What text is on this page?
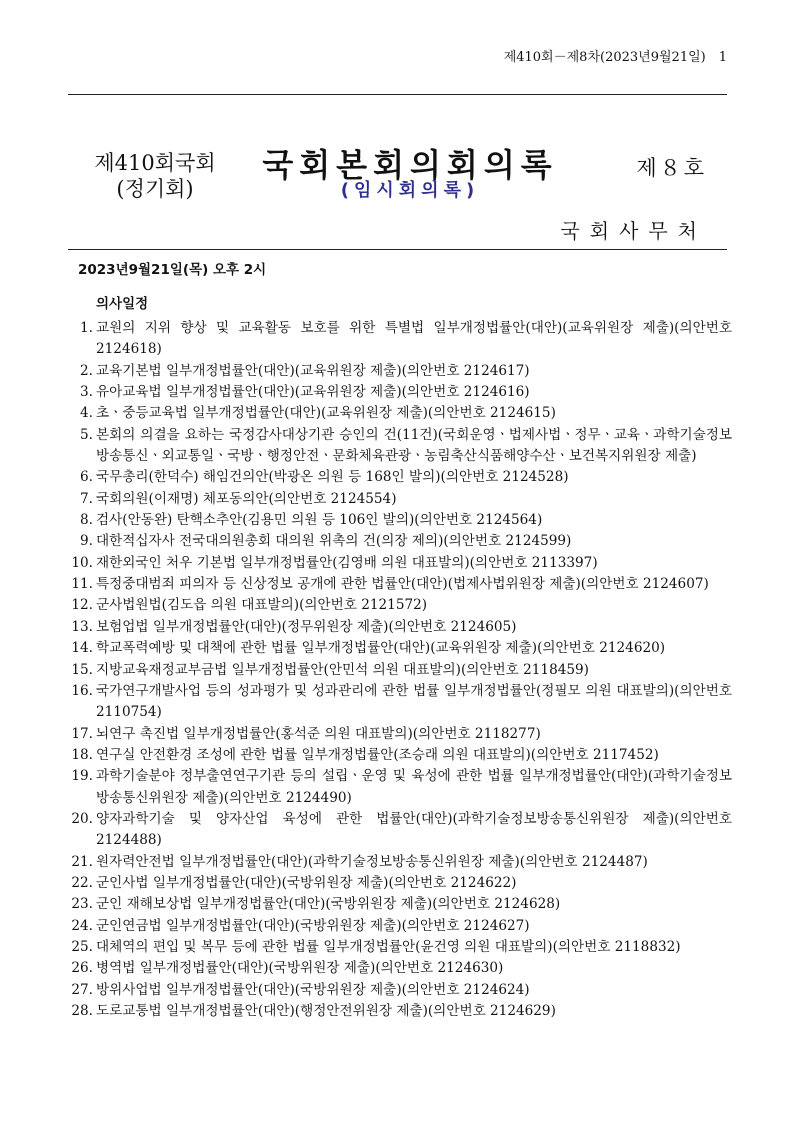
제410회－제8차(2023년9월21일)　1
제410회국회
(정기회)
국회본회의회의록
(임시회의록)
제８호
국회사무처
2023년9월21일(목) 오후 2시
의사일정
1. 교원의 지위 향상 및 교육활동 보호를 위한 특별법 일부개정법률안(대안)(교육위원장 제출)(의안번호 2124618)
2. 교육기본법 일부개정법률안(대안)(교육위원장 제출)(의안번호 2124617)
3. 유아교육법 일부개정법률안(대안)(교육위원장 제출)(의안번호 2124616)
4. 초ㆍ중등교육법 일부개정법률안(대안)(교육위원장 제출)(의안번호 2124615)
5. 본회의 의결을 요하는 국정감사대상기관 승인의 건(11건)(국회운영ㆍ법제사법ㆍ정무ㆍ교육ㆍ과학기술정보방송통신ㆍ외교통일ㆍ국방ㆍ행정안전ㆍ문화체육관광ㆍ농림축산식품해양수산ㆍ보건복지위원장 제출)
6. 국무총리(한덕수) 해임건의안(박광온 의원 등 168인 발의)(의안번호 2124528)
7. 국회의원(이재명) 체포동의안(의안번호 2124554)
8. 검사(안동완) 탄핵소추안(김용민 의원 등 106인 발의)(의안번호 2124564)
9. 대한적십자사 전국대의원총회 대의원 위촉의 건(의장 제의)(의안번호 2124599)
10. 재한외국인 처우 기본법 일부개정법률안(김영배 의원 대표발의)(의안번호 2113397)
11. 특정중대범죄 피의자 등 신상정보 공개에 관한 법률안(대안)(법제사법위원장 제출)(의안번호 2124607)
12. 군사법원법(김도읍 의원 대표발의)(의안번호 2121572)
13. 보험업법 일부개정법률안(대안)(정무위원장 제출)(의안번호 2124605)
14. 학교폭력예방 및 대책에 관한 법률 일부개정법률안(대안)(교육위원장 제출)(의안번호 2124620)
15. 지방교육재정교부금법 일부개정법률안(안민석 의원 대표발의)(의안번호 2118459)
16. 국가연구개발사업 등의 성과평가 및 성과관리에 관한 법률 일부개정법률안(정필모 의원 대표발의)(의안번호 2110754)
17. 뇌연구 촉진법 일부개정법률안(홍석준 의원 대표발의)(의안번호 2118277)
18. 연구실 안전환경 조성에 관한 법률 일부개정법률안(조승래 의원 대표발의)(의안번호 2117452)
19. 과학기술분야 정부출연연구기관 등의 설립ㆍ운영 및 육성에 관한 법률 일부개정법률안(대안)(과학기술정보방송통신위원장 제출)(의안번호 2124490)
20. 양자과학기술 및 양자산업 육성에 관한 법률안(대안)(과학기술정보방송통신위원장 제출)(의안번호 2124488)
21. 원자력안전법 일부개정법률안(대안)(과학기술정보방송통신위원장 제출)(의안번호 2124487)
22. 군인사법 일부개정법률안(대안)(국방위원장 제출)(의안번호 2124622)
23. 군인 재해보상법 일부개정법률안(대안)(국방위원장 제출)(의안번호 2124628)
24. 군인연금법 일부개정법률안(대안)(국방위원장 제출)(의안번호 2124627)
25. 대체역의 편입 및 복무 등에 관한 법률 일부개정법률안(윤건영 의원 대표발의)(의안번호 2118832)
26. 병역법 일부개정법률안(대안)(국방위원장 제출)(의안번호 2124630)
27. 방위사업법 일부개정법률안(대안)(국방위원장 제출)(의안번호 2124624)
28. 도로교통법 일부개정법률안(대안)(행정안전위원장 제출)(의안번호 2124629)
